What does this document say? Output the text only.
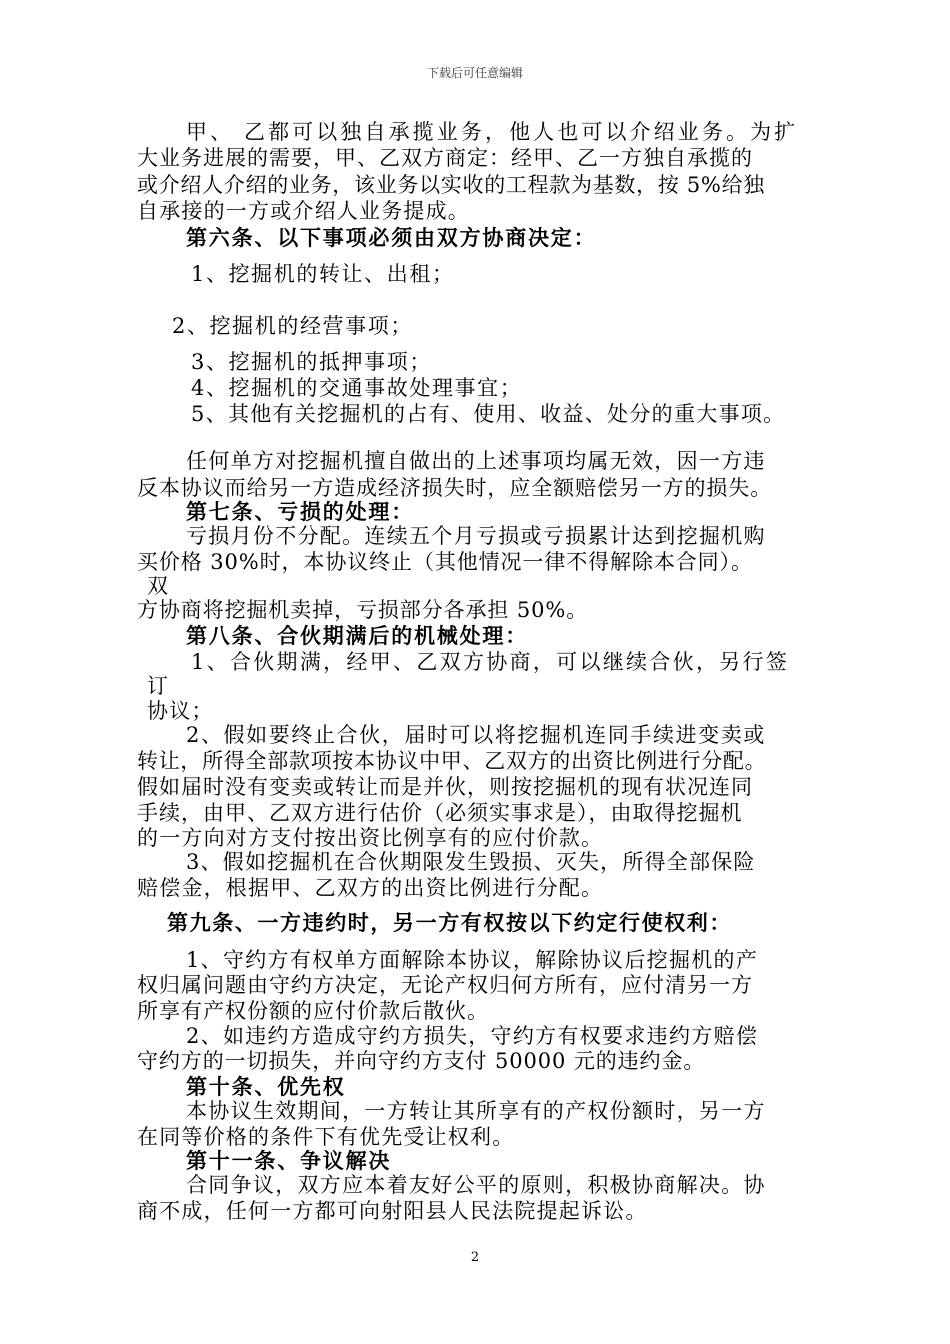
下载后可任意编辑
甲、 乙都可以独自承揽业务，他人也可以介绍业务。为扩
大业务进展的需要，甲、乙双方商定：经甲、乙一方独自承揽的
或介绍人介绍的业务，该业务以实收的工程款为基数，按 5%给独
自承接的一方或介绍人业务提成。
第六条、以下事项必须由双方协商决定：
1、挖掘机的转让、出租；
2、挖掘机的经营事项；
3、挖掘机的抵押事项；
4、挖掘机的交通事故处理事宜；
5、其他有关挖掘机的占有、使用、收益、处分的重大事项。
任何单方对挖掘机擅自做出的上述事项均属无效，因一方违
反本协议而给另一方造成经济损失时，应全额赔偿另一方的损失。
第七条、亏损的处理：
亏损月份不分配。连续五个月亏损或亏损累计达到挖掘机购
买价格 30%时，本协议终止（其他情况一律不得解除本合同）。
双
方协商将挖掘机卖掉，亏损部分各承担 50%。
第八条、合伙期满后的机械处理：
1、合伙期满，经甲、乙双方协商，可以继续合伙，另行签
订
协议；
2、假如要终止合伙，届时可以将挖掘机连同手续进变卖或
转让，所得全部款项按本协议中甲、乙双方的出资比例进行分配。
假如届时没有变卖或转让而是并伙，则按挖掘机的现有状况连同
手续，由甲、乙双方进行估价（必须实事求是），由取得挖掘机
的一方向对方支付按出资比例享有的应付价款。
3、假如挖掘机在合伙期限发生毁损、灭失，所得全部保险
赔偿金，根据甲、乙双方的出资比例进行分配。
第九条、一方违约时，另一方有权按以下约定行使权利：
1、守约方有权单方面解除本协议，解除协议后挖掘机的产
权归属问题由守约方决定，无论产权归何方所有，应付清另一方
所享有产权份额的应付价款后散伙。
2、如违约方造成守约方损失，守约方有权要求违约方赔偿
守约方的一切损失，并向守约方支付 50000 元的违约金。
第十条、优先权
本协议生效期间，一方转让其所享有的产权份额时，另一方
在同等价格的条件下有优先受让权利。
第十一条、争议解决
合同争议，双方应本着友好公平的原则，积极协商解决。协
商不成，任何一方都可向射阳县人民法院提起诉讼。
2
